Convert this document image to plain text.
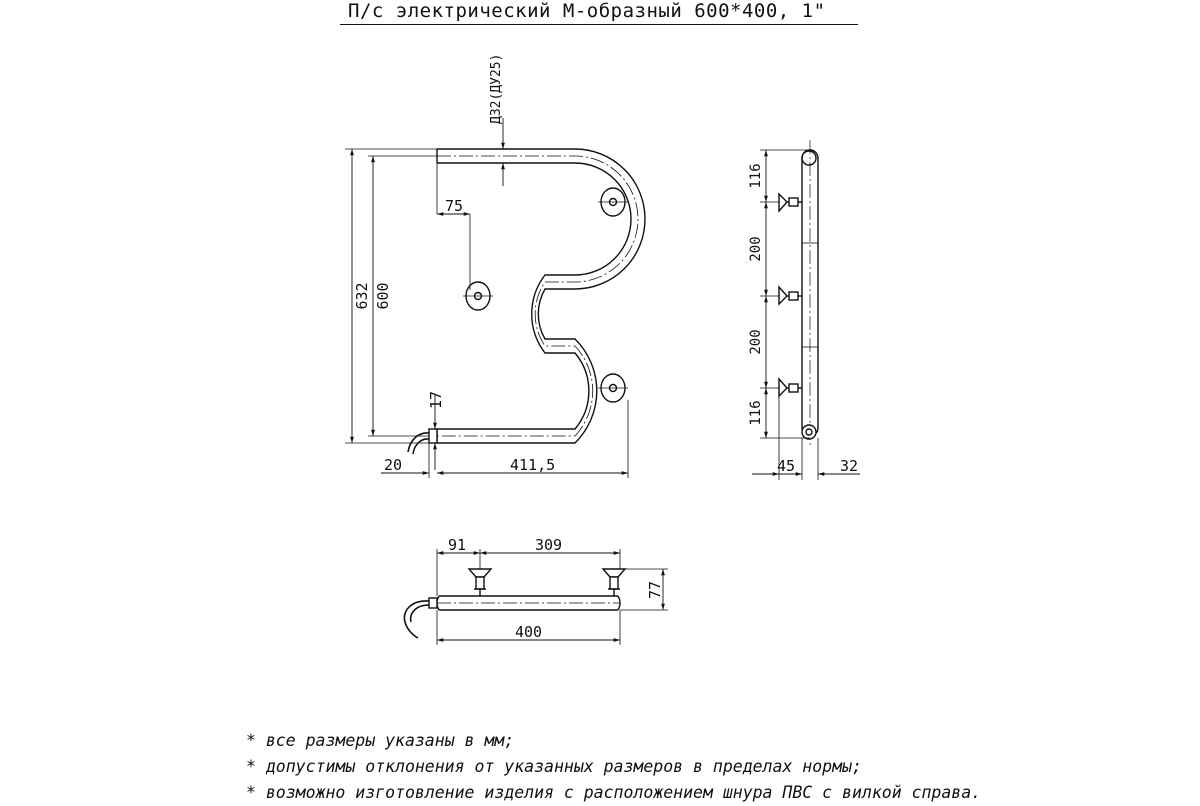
П/с электрический М-образный 600*400, 1"
Д32(ДУ25)
632 600
75
17
20	411,5
116
200
200
116
45	32
91	309
400
77
* все размеры указаны в мм;
* допустимы отклонения от указанных размеров в пределах нормы;
* возможно изготовление изделия с расположением шнура ПВС с вилкой справа.
